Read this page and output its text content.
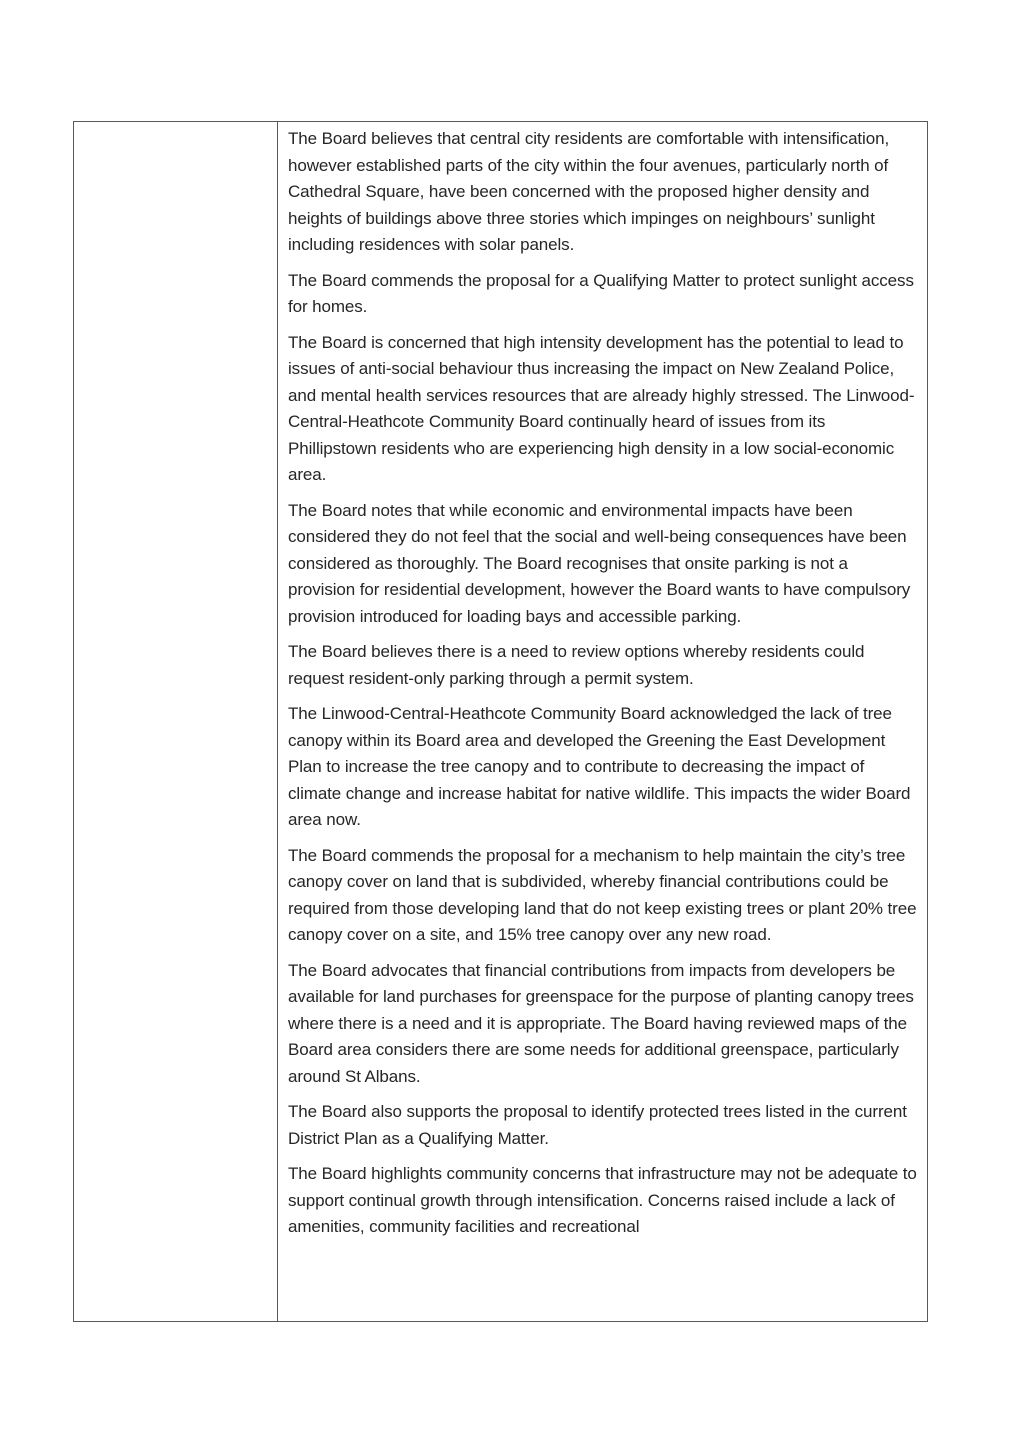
The Board believes that central city residents are comfortable with intensification, however established parts of the city within the four avenues, particularly north of Cathedral Square, have been concerned with the proposed higher density and heights of buildings above three stories which impinges on neighbours’ sunlight including residences with solar panels.

The Board commends the proposal for a Qualifying Matter to protect sunlight access for homes.

The Board is concerned that high intensity development has the potential to lead to issues of anti-social behaviour thus increasing the impact on New Zealand Police, and mental health services resources that are already highly stressed. The Linwood-Central-Heathcote Community Board continually heard of issues from its Phillipstown residents who are experiencing high density in a low social-economic area.

The Board notes that while economic and environmental impacts have been considered they do not feel that the social and well-being consequences have been considered as thoroughly. The Board recognises that onsite parking is not a provision for residential development, however the Board wants to have compulsory provision introduced for loading bays and accessible parking.

The Board believes there is a need to review options whereby residents could request resident-only parking through a permit system.

The Linwood-Central-Heathcote Community Board acknowledged the lack of tree canopy within its Board area and developed the Greening the East Development Plan to increase the tree canopy and to contribute to decreasing the impact of climate change and increase habitat for native wildlife. This impacts the wider Board area now.

The Board commends the proposal for a mechanism to help maintain the city’s tree canopy cover on land that is subdivided, whereby financial contributions could be required from those developing land that do not keep existing trees or plant 20% tree canopy cover on a site, and 15% tree canopy over any new road.

The Board advocates that financial contributions from impacts from developers be available for land purchases for greenspace for the purpose of planting canopy trees where there is a need and it is appropriate. The Board having reviewed maps of the Board area considers there are some needs for additional greenspace, particularly around St Albans.

The Board also supports the proposal to identify protected trees listed in the current District Plan as a Qualifying Matter.

The Board highlights community concerns that infrastructure may not be adequate to support continual growth through intensification. Concerns raised include a lack of amenities, community facilities and recreational
